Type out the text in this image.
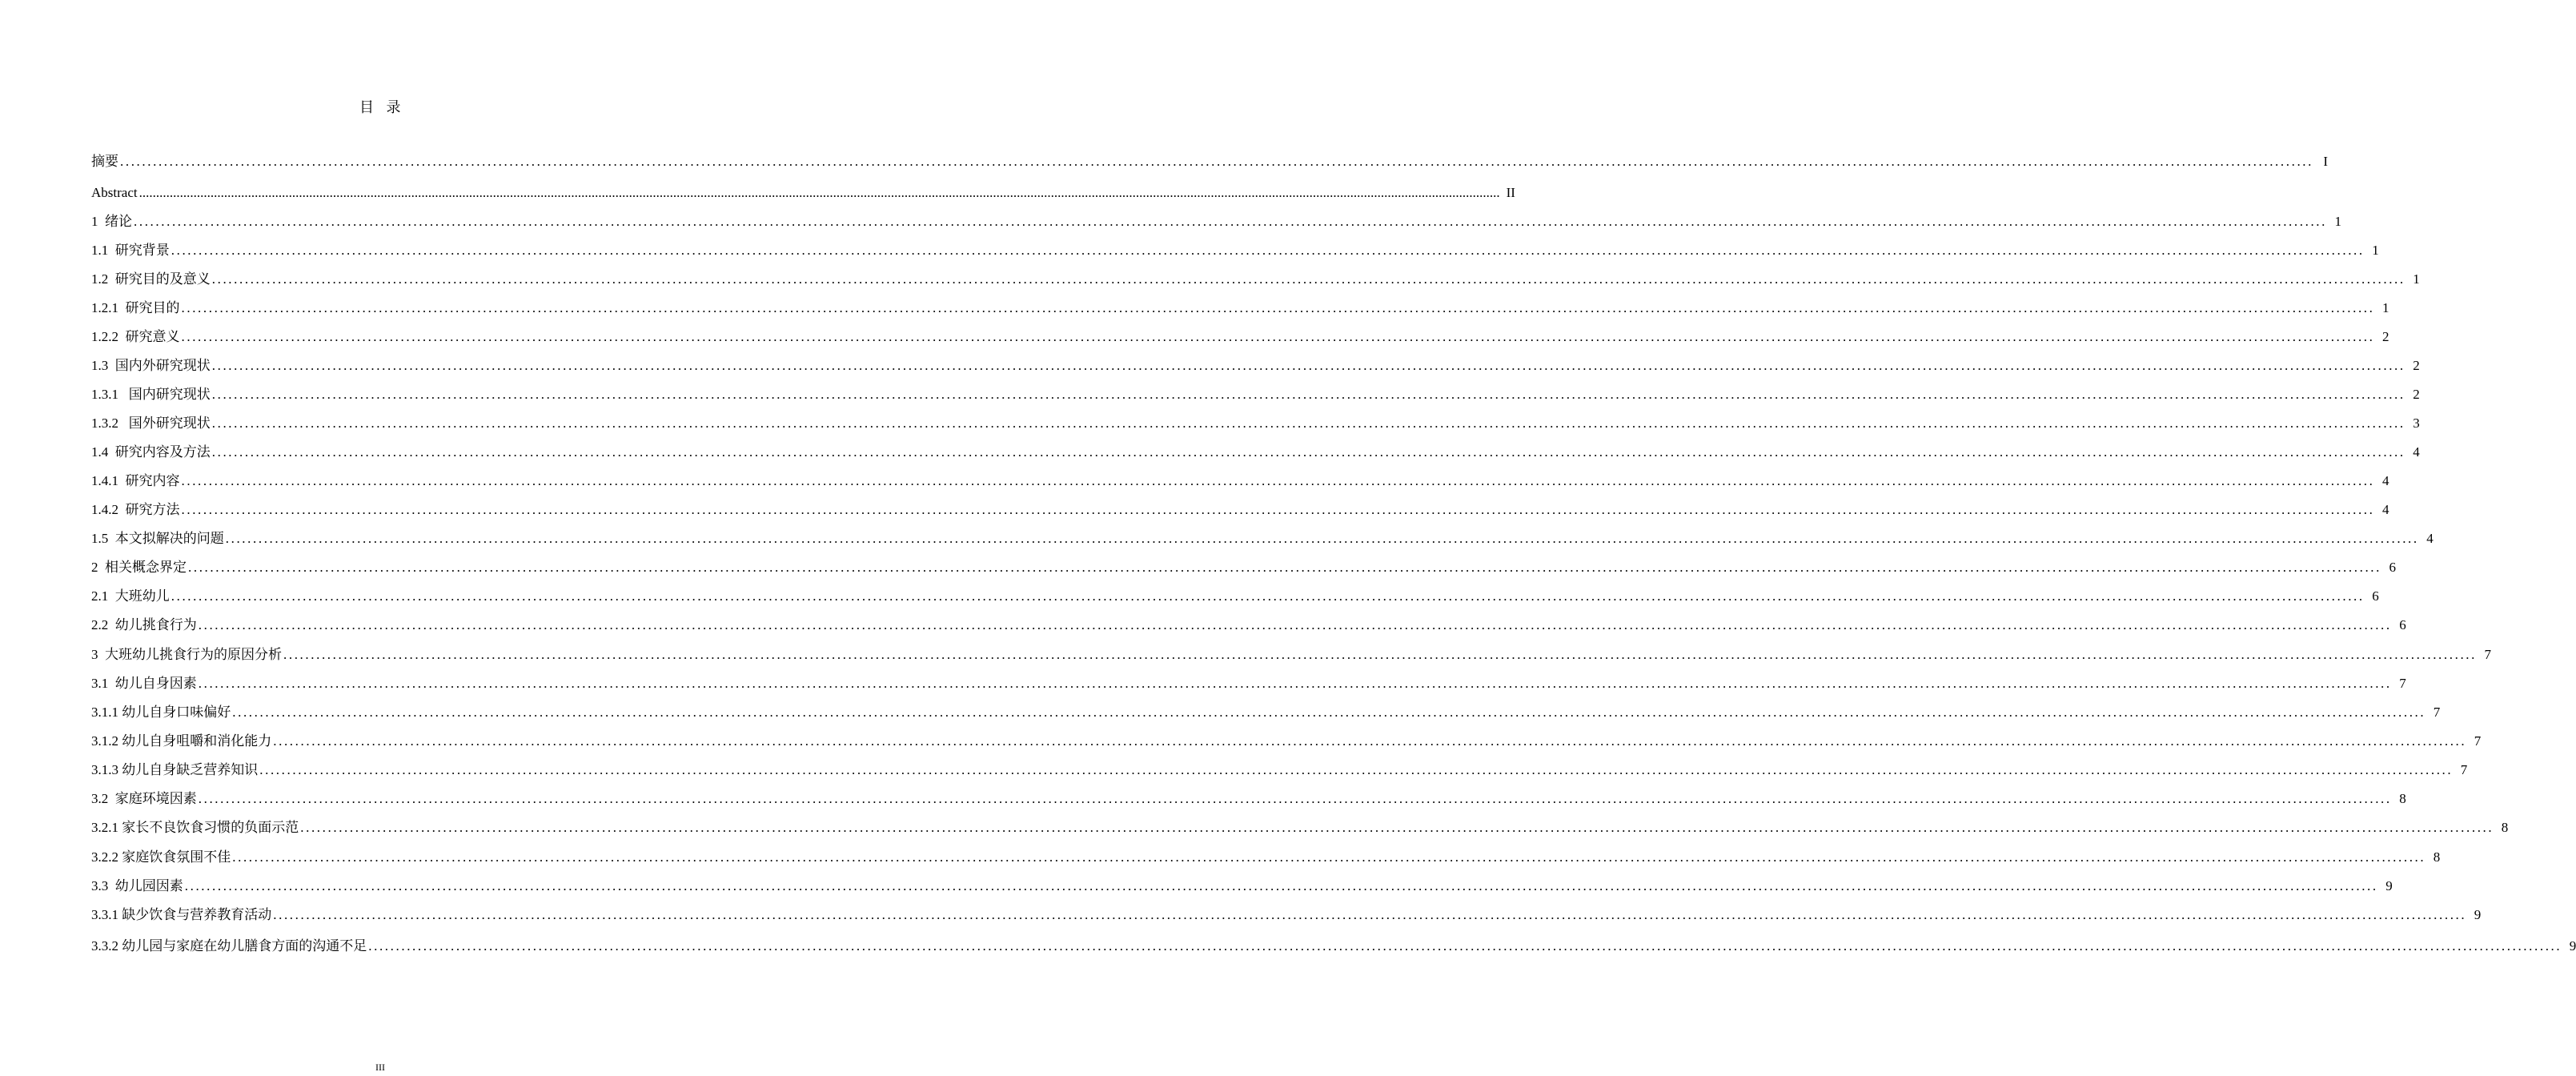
目 录
摘要 ................................................................................................................................................................................................................................................................................................................................................................................................................ I
Abstract ................................................................................................................................................................................................................................................................................................................................................................................................................ II
1  绪论 ................................................................................................................................................................................................................................................................................................................................................................................................................ 1
1.1  研究背景 ................................................................................................................................................................................................................................................................................................................................................................................................................ 1
1.2  研究目的及意义 ................................................................................................................................................................................................................................................................................................................................................................................................................ 1
1.2.1  研究目的 ................................................................................................................................................................................................................................................................................................................................................................................................................ 1
1.2.2  研究意义 ................................................................................................................................................................................................................................................................................................................................................................................................................ 2
1.3  国内外研究现状 ................................................................................................................................................................................................................................................................................................................................................................................................................ 2
1.3.1   国内研究现状 ................................................................................................................................................................................................................................................................................................................................................................................................................ 2
1.3.2   国外研究现状 ................................................................................................................................................................................................................................................................................................................................................................................................................ 3
1.4  研究内容及方法 ................................................................................................................................................................................................................................................................................................................................................................................................................ 4
1.4.1  研究内容 ................................................................................................................................................................................................................................................................................................................................................................................................................ 4
1.4.2  研究方法 ................................................................................................................................................................................................................................................................................................................................................................................................................ 4
1.5  本文拟解决的问题 ................................................................................................................................................................................................................................................................................................................................................................................................................ 4
2  相关概念界定 ................................................................................................................................................................................................................................................................................................................................................................................................................ 6
2.1  大班幼儿 ................................................................................................................................................................................................................................................................................................................................................................................................................ 6
2.2  幼儿挑食行为 ................................................................................................................................................................................................................................................................................................................................................................................................................ 6
3  大班幼儿挑食行为的原因分析 ................................................................................................................................................................................................................................................................................................................................................................................................................ 7
3.1  幼儿自身因素 ................................................................................................................................................................................................................................................................................................................................................................................................................ 7
3.1.1 幼儿自身口味偏好 ................................................................................................................................................................................................................................................................................................................................................................................................................ 7
3.1.2 幼儿自身咀嚼和消化能力 ................................................................................................................................................................................................................................................................................................................................................................................................................ 7
3.1.3 幼儿自身缺乏营养知识 ................................................................................................................................................................................................................................................................................................................................................................................................................ 7
3.2  家庭环境因素 ................................................................................................................................................................................................................................................................................................................................................................................................................ 8
3.2.1 家长不良饮食习惯的负面示范 ................................................................................................................................................................................................................................................................................................................................................................................................................ 8
3.2.2 家庭饮食氛围不佳 ................................................................................................................................................................................................................................................................................................................................................................................................................ 8
3.3  幼儿园因素 ................................................................................................................................................................................................................................................................................................................................................................................................................ 9
3.3.1 缺少饮食与营养教育活动 ................................................................................................................................................................................................................................................................................................................................................................................................................ 9
3.3.2 幼儿园与家庭在幼儿膳食方面的沟通不足 ................................................................................................................................................................................................................................................................................................................................................................................................................ 9
III
